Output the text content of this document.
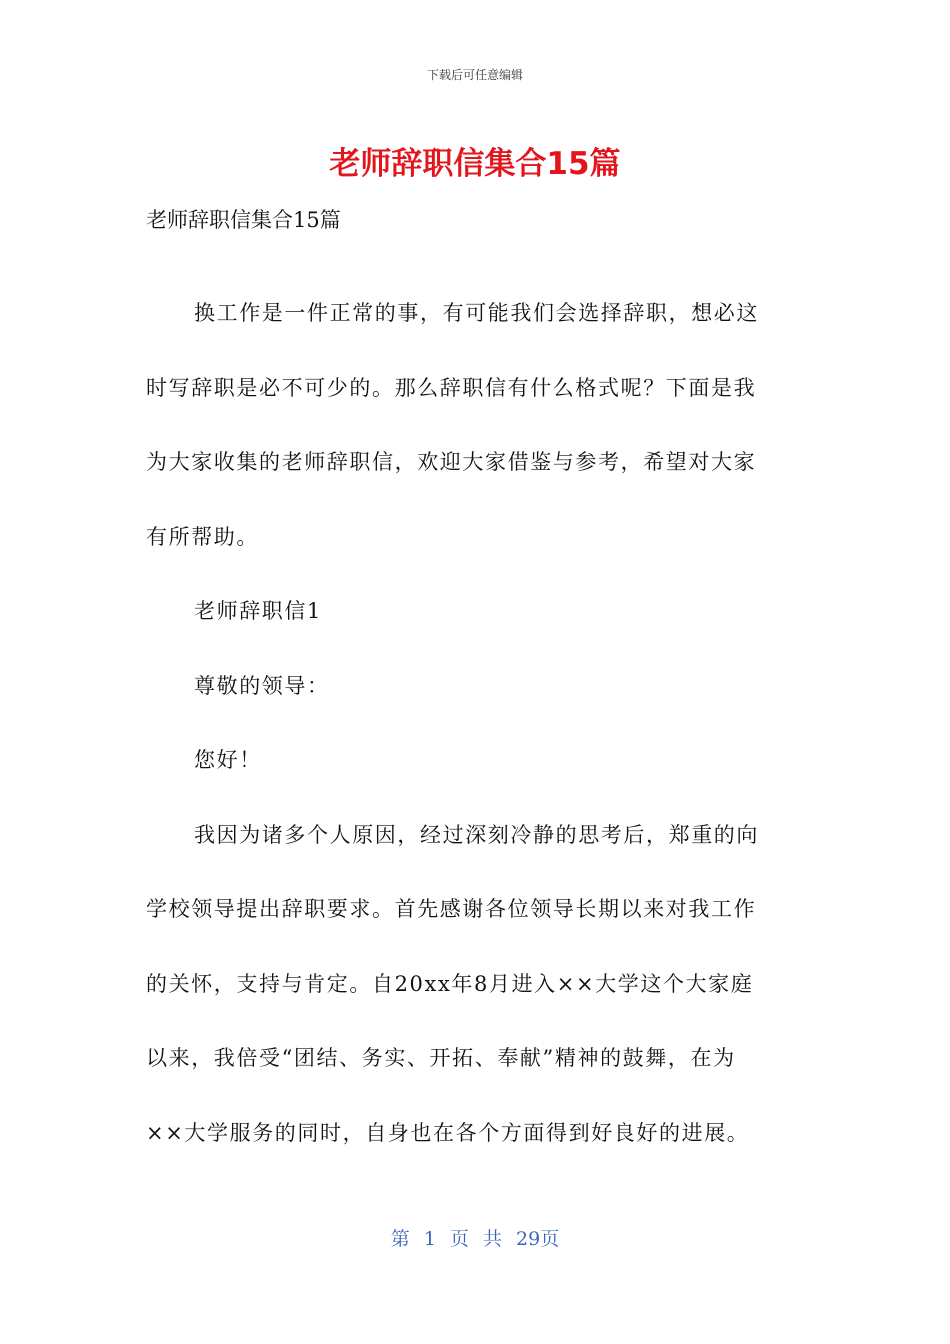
下载后可任意编辑
老师辞职信集合15篇

老师辞职信集合15篇

换工作是一件正常的事，有可能我们会选择辞职，想必这
时写辞职是必不可少的。那么辞职信有什么格式呢？下面是我
为大家收集的老师辞职信，欢迎大家借鉴与参考，希望对大家
有所帮助。

老师辞职信1

尊敬的领导：

您好！

我因为诸多个人原因，经过深刻冷静的思考后，郑重的向
学校领导提出辞职要求。首先感谢各位领导长期以来对我工作
的关怀，支持与肯定。自20xx年8月进入××大学这个大家庭
以来，我倍受“团结、务实、开拓、奉献”精神的鼓舞，在为
××大学服务的同时，自身也在各个方面得到好良好的进展。

第 1 页 共 29页
